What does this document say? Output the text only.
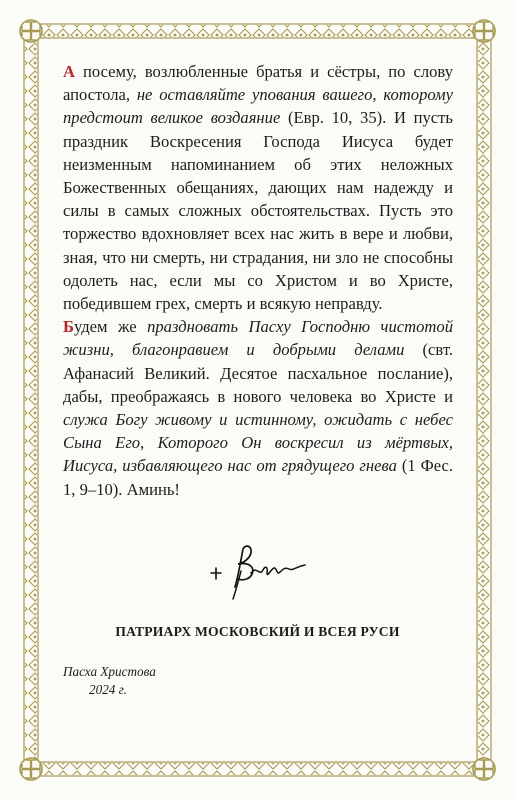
А посему, возлюбленные братья и сёстры, по слову апостола, не оставляйте упования вашего, которому предстоит великое воздаяние (Евр. 10, 35). И пусть праздник Воскресения Господа Иисуса будет неизменным напоминанием об этих неложных Божественных обещаниях, дающих нам надежду и силы в самых сложных обстоятельствах. Пусть это торжество вдохновляет всех нас жить в вере и любви, зная, что ни смерть, ни страдания, ни зло не способны одолеть нас, если мы со Христом и во Христе, победившем грех, смерть и всякую неправду.

Будем же праздновать Пасху Господню чистотой жизни, благонравием и добрыми делами (свт. Афанасий Великий. Десятое пасхальное послание), дабы, преображаясь в нового человека во Христе и служа Богу живому и истинному, ожидать с небес Сына Его, Которого Он воскресил из мёртвых, Иисуса, избавляющего нас от грядущего гнева (1 Фес. 1, 9–10). Аминь!

ПАТРИАРХ МОСКОВСКИЙ И ВСЕЯ РУСИ
Пасха Христова
2024 г.
